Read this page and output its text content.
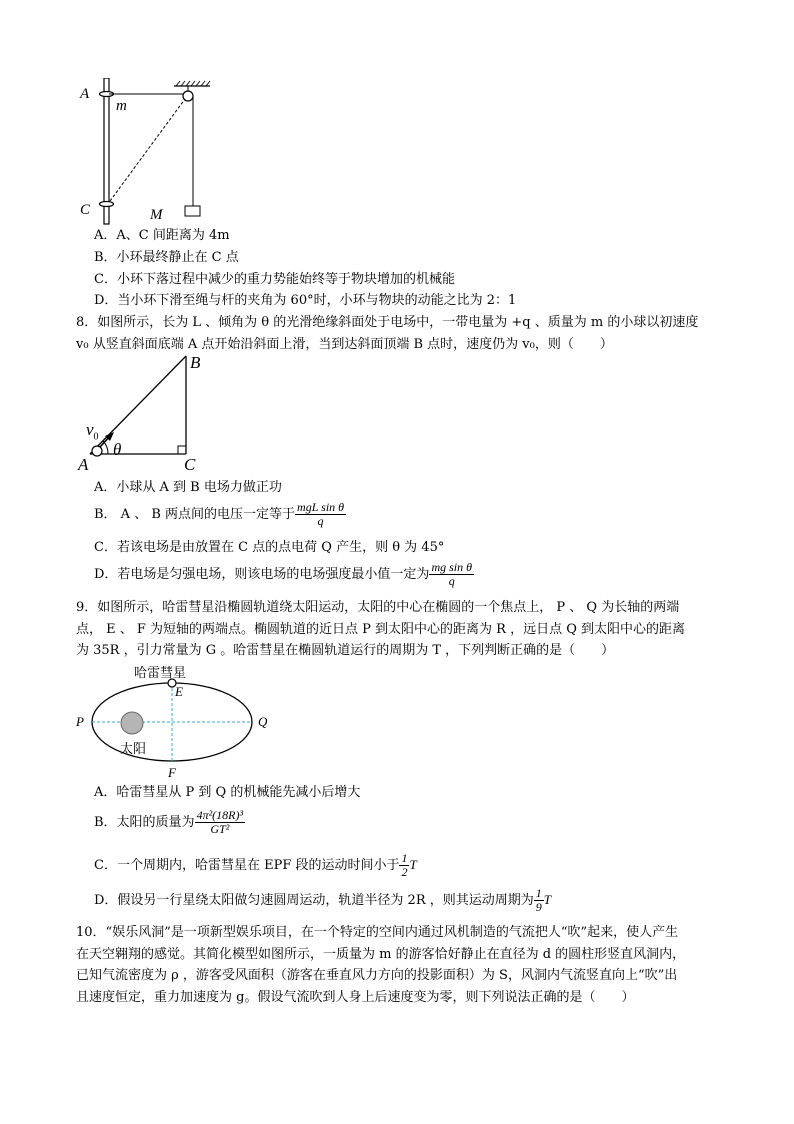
A
m
C	M
A．A、C 间距离为 4m
B．小环最终静止在 C 点
C．小环下落过程中减少的重力势能始终等于物块增加的机械能
D．当小环下滑至绳与杆的夹角为 60°时，小环与物块的动能之比为 2：1
8．如图所示，长为 L 、倾角为 θ 的光滑绝缘斜面处于电场中，一带电量为 +q 、质量为 m 的小球以初速度
v₀ 从竖直斜面底端 A 点开始沿斜面上滑，当到达斜面顶端 B 点时，速度仍为 v₀，则（　　）
B
$v_0$
θ
A	C
A．小球从 A 到 B 电场力做正功
B． A 、 B 两点间的电压一定等于 $\frac{\text{mgL sin θ}}{q}$
C．若该电场是由放置在 C 点的点电荷 Q 产生，则 θ 为 45°
D．若电场是匀强电场，则该电场的电场强度最小值一定为 $\frac{\text{mg sin θ}}{q}$
9．如图所示，哈雷彗星沿椭圆轨道绕太阳运动，太阳的中心在椭圆的一个焦点上， P 、 Q 为长轴的两端
点， E 、 F 为短轴的两端点。椭圆轨道的近日点 P 到太阳中心的距离为 R ，远日点 Q 到太阳中心的距离
为 35R ，引力常量为 G 。哈雷彗星在椭圆轨道运行的周期为 T ，下列判断正确的是（　　）
哈雷彗星
E
P	Q
太阳
F
A．哈雷彗星从 P 到 Q 的机械能先减小后增大
B．太阳的质量为 $\frac{\text{4π²(18R)³}}{\text{GT²}}$
C．一个周期内，哈雷彗星在 EPF 段的运动时间小于 $\frac{1}{2}$ T
D．假设另一行星绕太阳做匀速圆周运动，轨道半径为 2R ，则其运动周期为 $\frac{1}{9}$ T
10．“娱乐风洞”是一项新型娱乐项目，在一个特定的空间内通过风机制造的气流把人“吹”起来，使人产生
在天空翱翔的感觉。其简化模型如图所示，一质量为 m 的游客恰好静止在直径为 d 的圆柱形竖直风洞内，
已知气流密度为 ρ ，游客受风面积（游客在垂直风力方向的投影面积）为 S，风洞内气流竖直向上“吹”出
且速度恒定，重力加速度为 g。假设气流吹到人身上后速度变为零，则下列说法正确的是（　　）
